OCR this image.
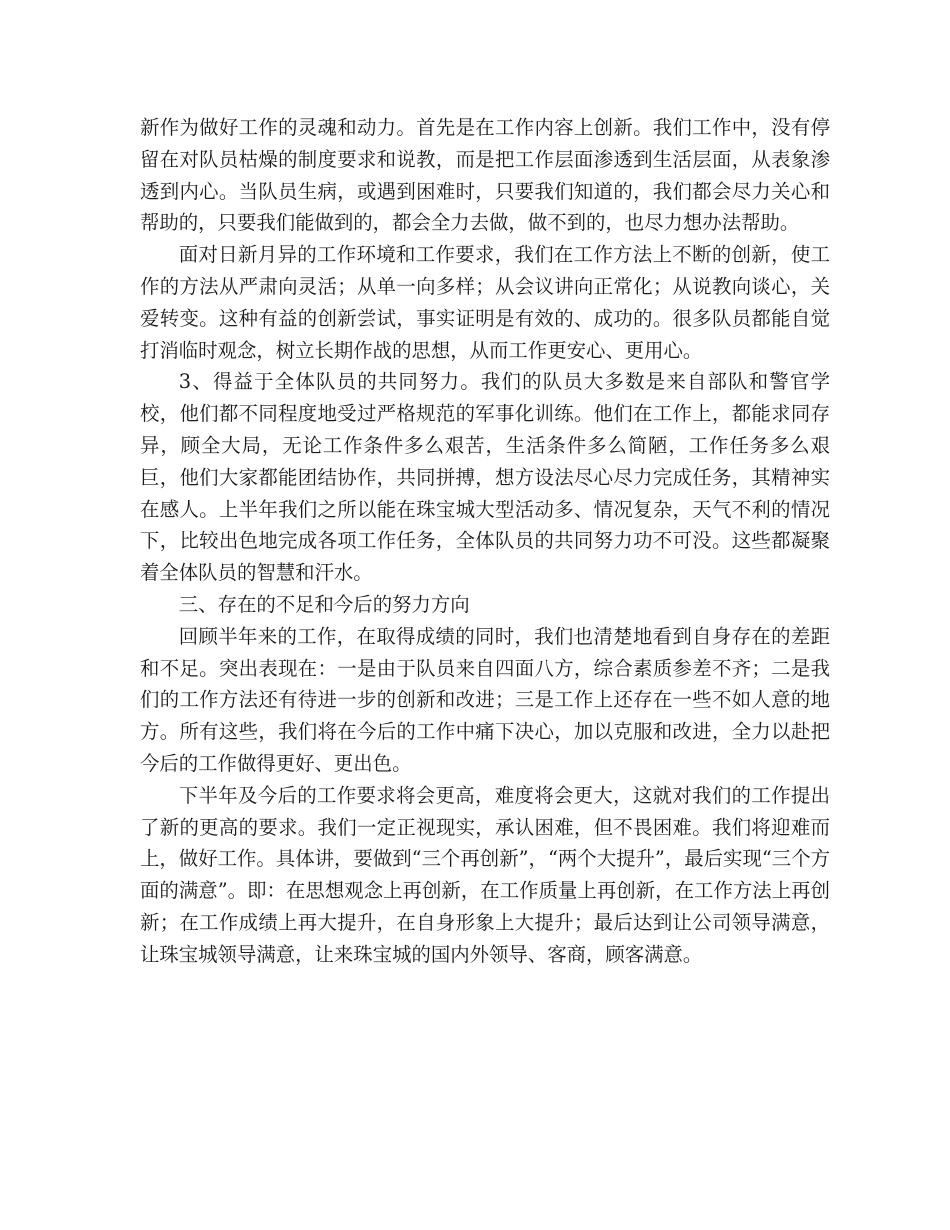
新作为做好工作的灵魂和动力。首先是在工作内容上创新。我们工作中，没有停留在对队员枯燥的制度要求和说教，而是把工作层面渗透到生活层面，从表象渗透到内心。当队员生病，或遇到困难时，只要我们知道的，我们都会尽力关心和帮助的，只要我们能做到的，都会全力去做，做不到的，也尽力想办法帮助。

面对日新月异的工作环境和工作要求，我们在工作方法上不断的创新，使工作的方法从严肃向灵活；从单一向多样；从会议讲向正常化；从说教向谈心，关爱转变。这种有益的创新尝试，事实证明是有效的、成功的。很多队员都能自觉打消临时观念，树立长期作战的思想，从而工作更安心、更用心。

3、得益于全体队员的共同努力。我们的队员大多数是来自部队和警官学校，他们都不同程度地受过严格规范的军事化训练。他们在工作上，都能求同存异，顾全大局，无论工作条件多么艰苦，生活条件多么简陋，工作任务多么艰巨，他们大家都能团结协作，共同拼搏，想方设法尽心尽力完成任务，其精神实在感人。上半年我们之所以能在珠宝城大型活动多、情况复杂，天气不利的情况下，比较出色地完成各项工作任务，全体队员的共同努力功不可没。这些都凝聚着全体队员的智慧和汗水。

三、存在的不足和今后的努力方向

回顾半年来的工作，在取得成绩的同时，我们也清楚地看到自身存在的差距和不足。突出表现在：一是由于队员来自四面八方，综合素质参差不齐；二是我们的工作方法还有待进一步的创新和改进；三是工作上还存在一些不如人意的地方。所有这些，我们将在今后的工作中痛下决心，加以克服和改进，全力以赴把今后的工作做得更好、更出色。

下半年及今后的工作要求将会更高，难度将会更大，这就对我们的工作提出了新的更高的要求。我们一定正视现实，承认困难，但不畏困难。我们将迎难而上，做好工作。具体讲，要做到“三个再创新”，“两个大提升”，最后实现“三个方面的满意”。即：在思想观念上再创新，在工作质量上再创新，在工作方法上再创新；在工作成绩上再大提升，在自身形象上大提升；最后达到让公司领导满意，让珠宝城领导满意，让来珠宝城的国内外领导、客商，顾客满意。
